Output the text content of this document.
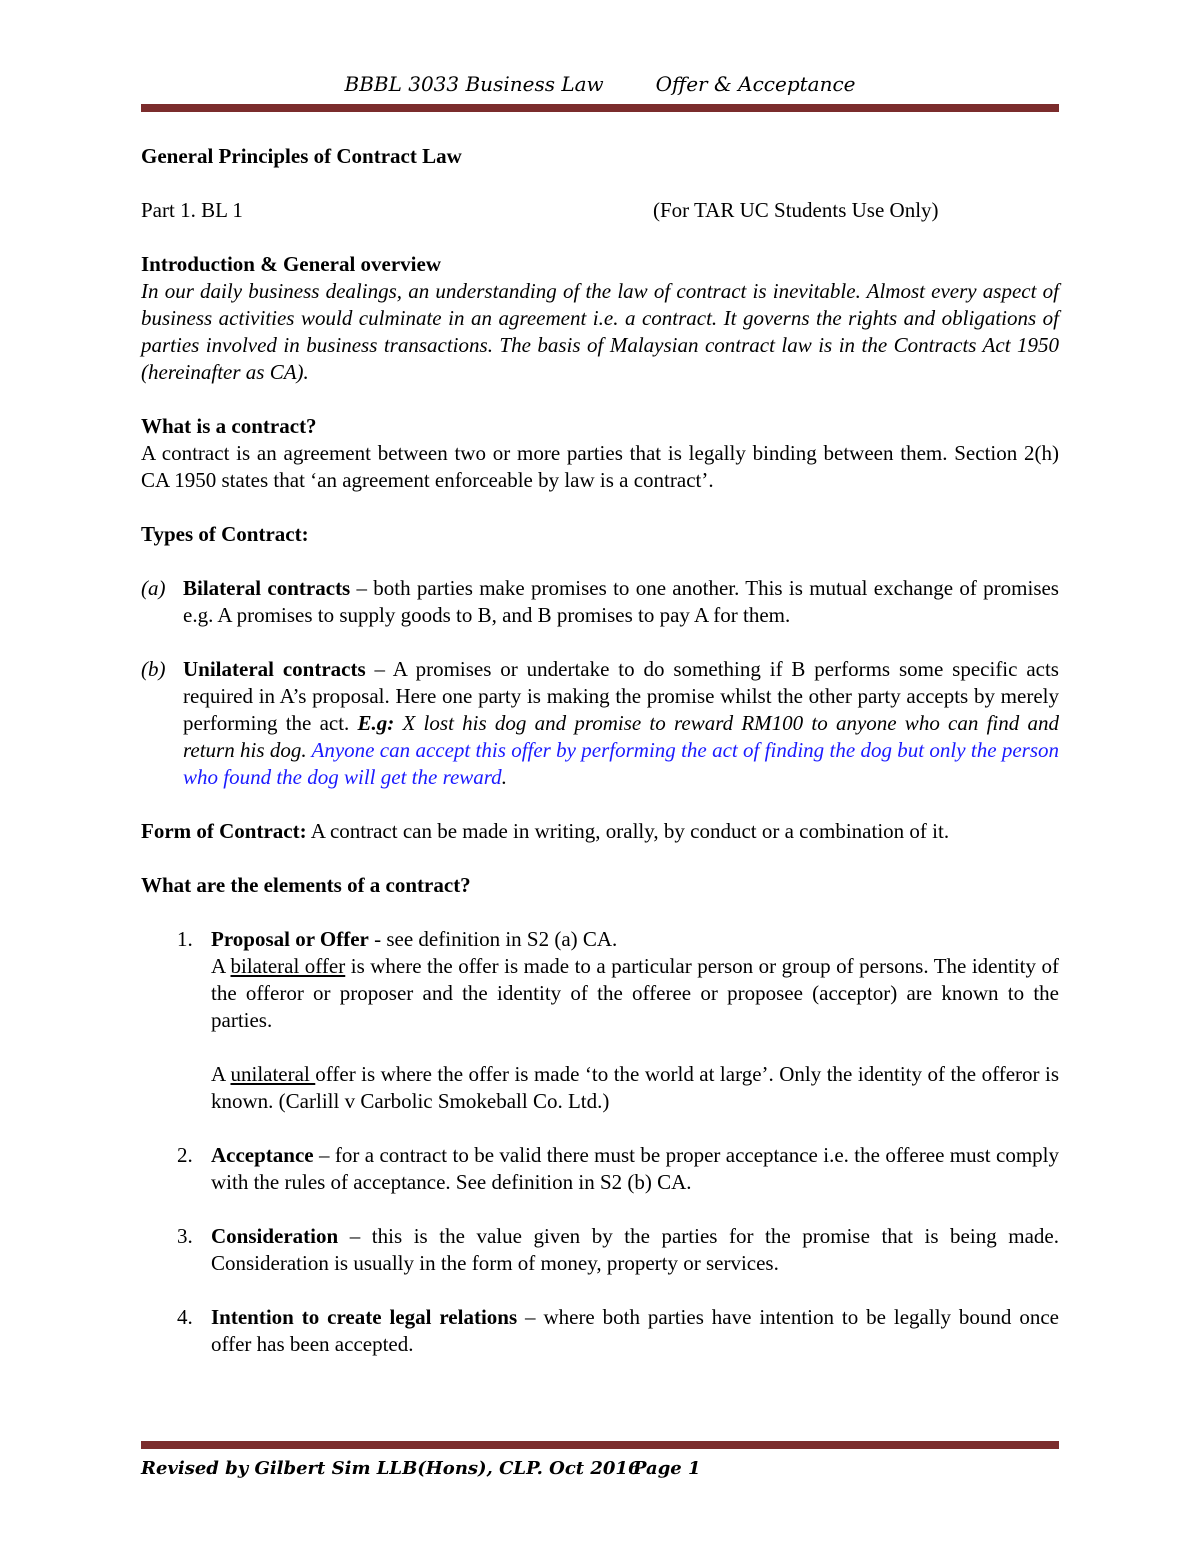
BBBL 3033 Business Law	Offer & Acceptance

General Principles of Contract Law

Part 1. BL 1	(For TAR UC Students Use Only)

Introduction & General overview

In our daily business dealings, an understanding of the law of contract is inevitable. Almost every aspect of business activities would culminate in an agreement i.e. a contract. It governs the rights and obligations of parties involved in business transactions. The basis of Malaysian contract law is in the Contracts Act 1950 (hereinafter as CA).

What is a contract?

A contract is an agreement between two or more parties that is legally binding between them. Section 2(h) CA 1950 states that ‘an agreement enforceable by law is a contract’.

Types of Contract:

(a) Bilateral contracts – both parties make promises to one another. This is mutual exchange of promises e.g. A promises to supply goods to B, and B promises to pay A for them.
(b) Unilateral contracts – A promises or undertake to do something if B performs some specific acts required in A’s proposal. Here one party is making the promise whilst the other party accepts by merely performing the act. E.g: X lost his dog and promise to reward RM100 to anyone who can find and return his dog. Anyone can accept this offer by performing the act of finding the dog but only the person who found the dog will get the reward.

Form of Contract: A contract can be made in writing, orally, by conduct or a combination of it.

What are the elements of a contract?

1. Proposal or Offer - see definition in S2 (a) CA.

A bilateral offer is where the offer is made to a particular person or group of persons. The identity of the offeror or proposer and the identity of the offeree or proposee (acceptor) are known to the parties.

A unilateral offer is where the offer is made ‘to the world at large’. Only the identity of the offeror is known. (Carlill v Carbolic Smokeball Co. Ltd.)

2. Acceptance – for a contract to be valid there must be proper acceptance i.e. the offeree must comply with the rules of acceptance. See definition in S2 (b) CA.

3. Consideration – this is the value given by the parties for the promise that is being made. Consideration is usually in the form of money, property or services.

4. Intention to create legal relations – where both parties have intention to be legally bound once offer has been accepted.

Revised by Gilbert Sim LLB(Hons), CLP. Oct 2016
Page 1
